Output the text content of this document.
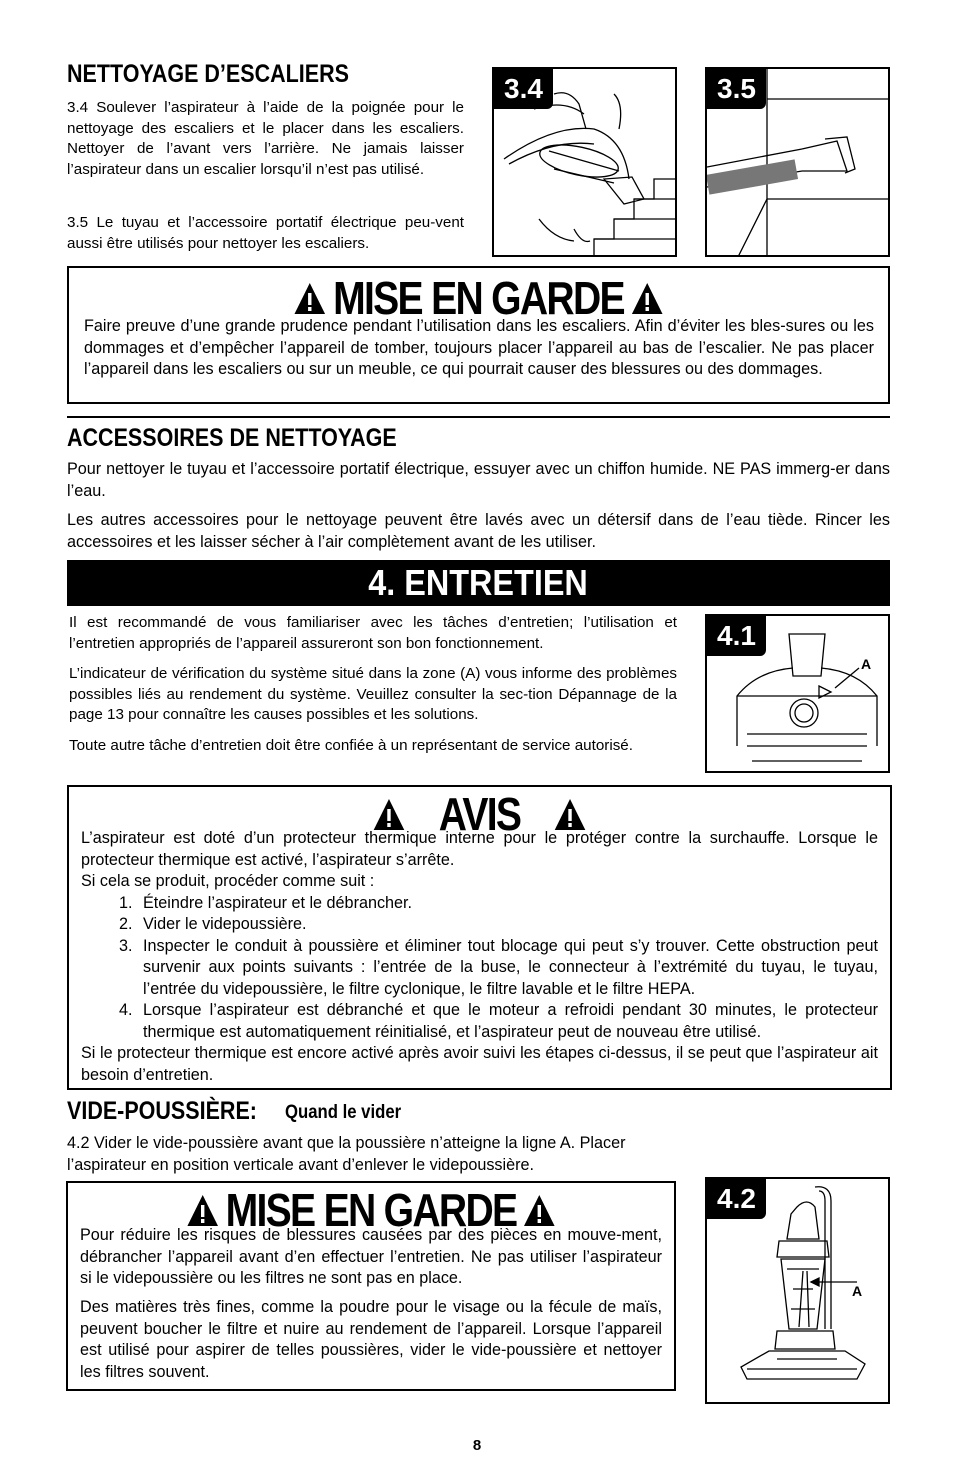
NETTOYAGE D’ESCALIERS

3.4 Soulever l’aspirateur à l’aide de la poignée pour le nettoyage des escaliers et le placer dans les escaliers. Nettoyer de l’avant vers l’arrière. Ne jamais laisser l’aspirateur dans un escalier lorsqu’il n’est pas utilisé.

3.5 Le tuyau et l’accessoire portatif électrique peu-vent aussi être utilisés pour nettoyer les escaliers.

3.4	3.5
MISE EN GARDE

Faire preuve d’une grande prudence pendant l’utilisation dans les escaliers. Afin d’éviter les bles-sures ou les dommages et d’empêcher l’appareil de tomber, toujours placer l’appareil au bas de l’escalier. Ne pas placer l’appareil dans les escaliers ou sur un meuble, ce qui pourrait causer des blessures ou des dommages.

ACCESSOIRES DE NETTOYAGE

Pour nettoyer le tuyau et l’accessoire portatif électrique, essuyer avec un chiffon humide. NE PAS immerg-er dans l’eau.

Les autres accessoires pour le nettoyage peuvent être lavés avec un détersif dans de l’eau tiède. Rincer les accessoires et les laisser sécher à l’air complètement avant de les utiliser.

4. ENTRETIEN

Il est recommandé de vous familiariser avec les tâches d’entretien; l’utilisation et l’entretien appropriés de l’appareil assureront son bon fonctionnement.

L’indicateur de vérification du système situé dans la zone (A) vous informe des problèmes possibles liés au rendement du système. Veuillez consulter la sec-tion Dépannage de la page 13 pour connaître les causes possibles et les solutions.

Toute autre tâche d’entretien doit être confiée à un représentant de service autorisé.

4.1
A
AVIS

L’aspirateur est doté d’un protecteur thermique interne pour le protéger contre la surchauffe. Lorsque le protecteur thermique est activé, l’aspirateur s’arrête.

Si cela se produit, procéder comme suit :

1. Éteindre l’aspirateur et le débrancher.
2. Vider le videpoussière.
3. Inspecter le conduit à poussière et éliminer tout blocage qui peut s’y trouver. Cette obstruction peut survenir aux points suivants : l’entrée de la buse, le connecteur à l’extrémité du tuyau, le tuyau, l’entrée du videpoussière, le filtre cyclonique, le filtre lavable et le filtre HEPA.
4. Lorsque l’aspirateur est débranché et que le moteur a refroidi pendant 30 minutes, le protecteur thermique est automatiquement réinitialisé, et l’aspirateur peut de nouveau être utilisé.

Si le protecteur thermique est encore activé après avoir suivi les étapes ci-dessus, il se peut que l’aspirateur ait besoin d’entretien.

VIDE-POUSSIÈRE:	Quand le vider

4.2 Vider le vide-poussière avant que la poussière n’atteigne la ligne A. Placer l’aspirateur en position verticale avant d’enlever le videpoussière.

MISE EN GARDE

Pour réduire les risques de blessures causées par des pièces en mouve-ment, débrancher l’appareil avant d’en effectuer l’entretien. Ne pas utiliser l’aspirateur si le videpoussière ou les filtres ne sont pas en place.

Des matières très fines, comme la poudre pour le visage ou la fécule de maïs, peuvent boucher le filtre et nuire au rendement de l’appareil. Lorsque l’appareil est utilisé pour aspirer de telles poussières, vider le vide-poussière et nettoyer les filtres souvent.

4.2
A
8
